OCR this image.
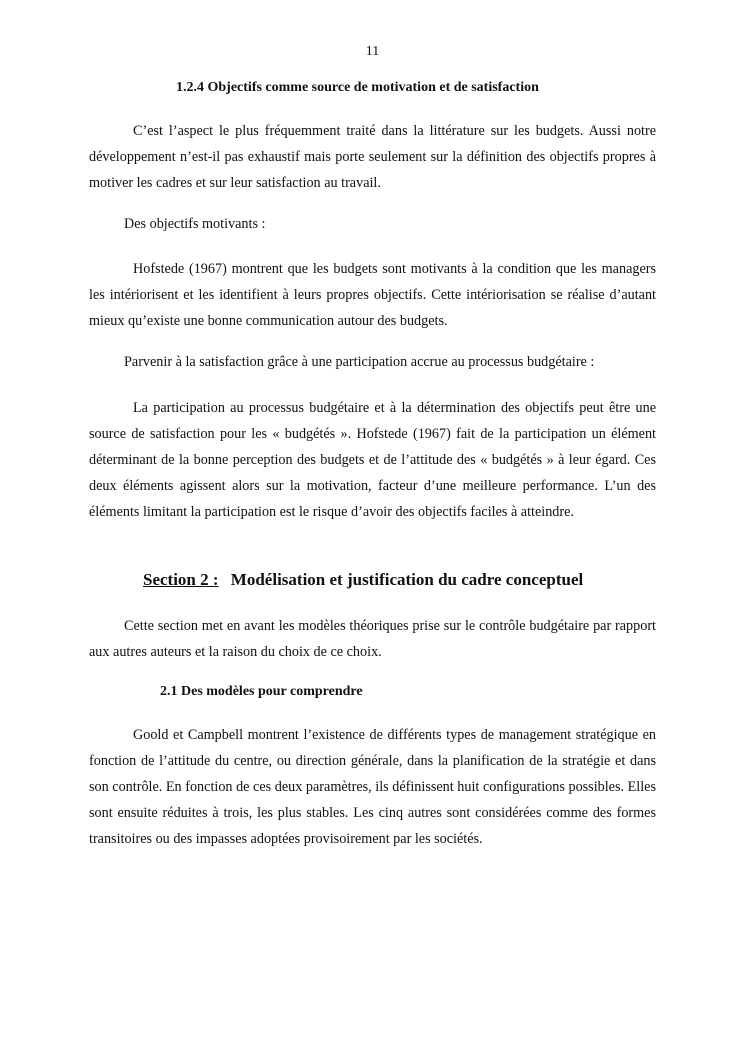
11
1.2.4 Objectifs comme source de motivation et de satisfaction

C’est l’aspect le plus fréquemment traité dans la littérature sur les budgets. Aussi notre développement n’est-il pas exhaustif mais porte seulement sur la définition des objectifs propres à motiver les cadres et sur leur satisfaction au travail.

Des objectifs motivants :

Hofstede (1967) montrent que les budgets sont motivants à la condition que les managers les intériorisent et les identifient à leurs propres objectifs. Cette intériorisation se réalise d’autant mieux qu’existe une bonne communication autour des budgets.

Parvenir à la satisfaction grâce à une participation accrue au processus budgétaire :

La participation au processus budgétaire et à la détermination des objectifs peut être une source de satisfaction pour les « budgétés ». Hofstede (1967) fait de la participation un élément déterminant de la bonne perception des budgets et de l’attitude des « budgétés » à leur égard. Ces deux éléments agissent alors sur la motivation, facteur d’une meilleure performance. L’un des éléments limitant la participation est le risque d’avoir des objectifs faciles à atteindre.

Section 2 : Modélisation et justification du cadre conceptuel

Cette section met en avant les modèles théoriques prise sur le contrôle budgétaire par rapport aux autres auteurs et la raison du choix de ce choix.

2.1 Des modèles pour comprendre

Goold et Campbell montrent l’existence de différents types de management stratégique en fonction de l’attitude du centre, ou direction générale, dans la planification de la stratégie et dans son contrôle. En fonction de ces deux paramètres, ils définissent huit configurations possibles. Elles sont ensuite réduites à trois, les plus stables. Les cinq autres sont considérées comme des formes transitoires ou des impasses adoptées provisoirement par les sociétés.
